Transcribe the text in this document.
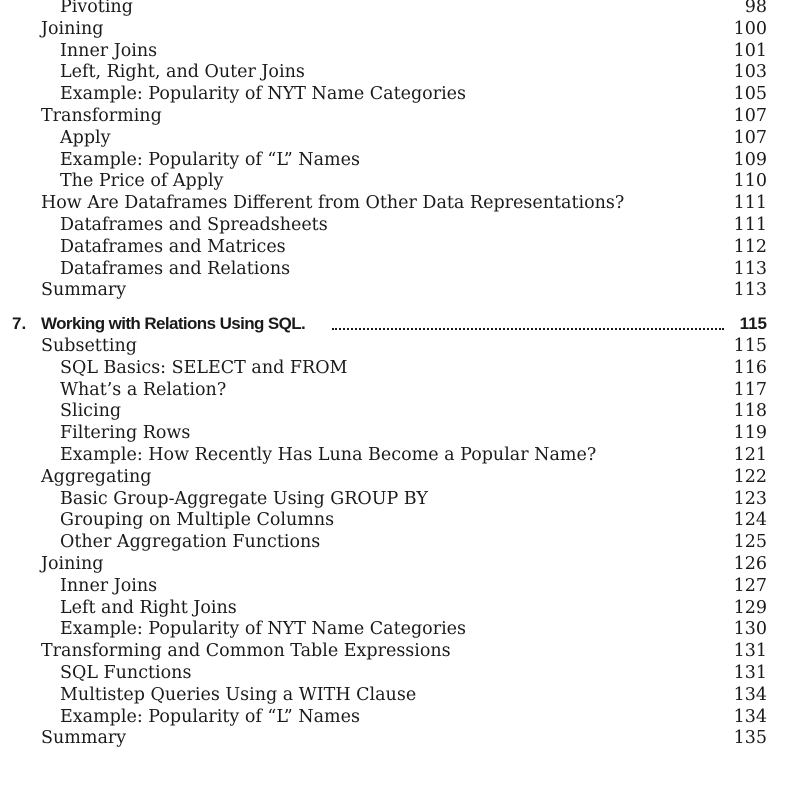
Pivoting	98
Joining	100
Inner Joins	101
Left, Right, and Outer Joins	103
Example: Popularity of NYT Name Categories	105
Transforming	107
Apply	107
Example: Popularity of “L” Names	109
The Price of Apply	110
How Are Dataframes Different from Other Data Representations?	111
Dataframes and Spreadsheets	111
Dataframes and Matrices	112
Dataframes and Relations	113
Summary	113
7. Working with Relations Using SQL.	115
Subsetting	115
SQL Basics: SELECT and FROM	116
What’s a Relation?	117
Slicing	118
Filtering Rows	119
Example: How Recently Has Luna Become a Popular Name?	121
Aggregating	122
Basic Group-Aggregate Using GROUP BY	123
Grouping on Multiple Columns	124
Other Aggregation Functions	125
Joining	126
Inner Joins	127
Left and Right Joins	129
Example: Popularity of NYT Name Categories	130
Transforming and Common Table Expressions	131
SQL Functions	131
Multistep Queries Using a WITH Clause	134
Example: Popularity of “L” Names	134
Summary	135
